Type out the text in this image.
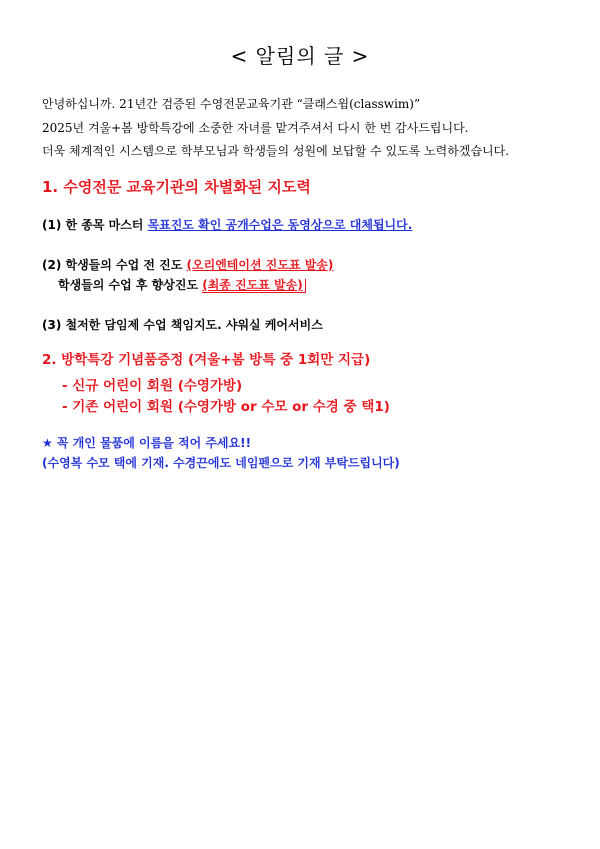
< 알림의 글 >
안녕하십니까. 21년간 검증된 수영전문교육기관 “클래스윔(classwim)”
2025년 겨울+봄 방학특강에 소중한 자녀를 맡겨주셔서 다시 한 번 감사드립니다.
더욱 체계적인 시스템으로 학부모님과 학생들의 성원에 보답할 수 있도록 노력하겠습니다.
1. 수영전문 교육기관의 차별화된 지도력
(1) 한 종목 마스터 목표진도 확인 공개수업은 동영상으로 대체됩니다.
(2) 학생들의 수업 전 진도 (오리엔테이션 진도표 발송)
학생들의 수업 후 향상진도 (최종 진도표 발송)
(3) 철저한 담임제 수업 책임지도. 샤워실 케어서비스
2. 방학특강 기념품증정 (겨울+봄 방특 중 1회만 지급)
- 신규 어린이 회원 (수영가방)
- 기존 어린이 회원 (수영가방 or 수모 or 수경 중 택1)
★ 꼭 개인 물품에 이름을 적어 주세요!!
(수영복 수모 택에 기재. 수경끈에도 네임펜으로 기재 부탁드립니다)
